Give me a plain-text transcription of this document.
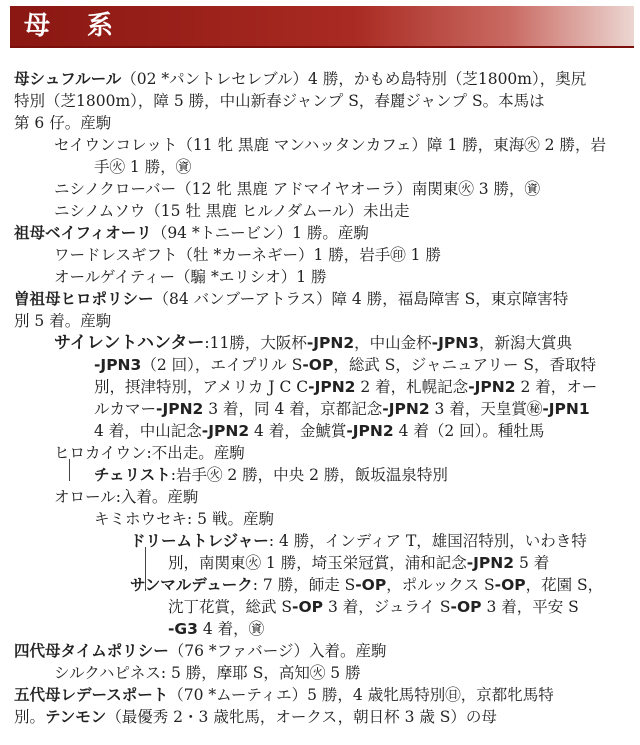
母 系
母シュフルール（02 *パントレセレブル）4 勝，かもめ島特別（芝1800m），奥尻
特別（芝1800m），障 5 勝，中山新春ジャンプ S，春麗ジャンプ S。本馬は
第 6 仔。産駒
セイウンコレット（11 牝 黒鹿 マンハッタンカフェ）障 1 勝，東海㊋ 2 勝，岩
手㊋ 1 勝，㊮
ニシノクローバー（12 牝 黒鹿 アドマイヤオーラ）南関東㊋ 3 勝，㊮
ニシノムソウ（15 牡 黒鹿 ヒルノダムール）未出走
祖母ベイフィオーリ（94 *トニービン）1 勝。産駒
ワードレスギフト（牡 *カーネギー）1 勝，岩手㊞ 1 勝
オールゲイティー（騸 *エリシオ）1 勝
曽祖母ヒロポリシー（84 バンブーアトラス）障 4 勝，福島障害 S，東京障害特
別 5 着。産駒
サイレントハンター:11勝，大阪杯-JPN2，中山金杯-JPN3，新潟大賞典
-JPN3（2 回），エイプリル S-OP，総武 S，ジャニュアリー S，香取特
別，摂津特別，アメリカ J C C-JPN2 2 着，札幌記念-JPN2 2 着，オー
ルカマー-JPN2 3 着，同 4 着，京都記念-JPN2 3 着，天皇賞㊙-JPN1
4 着，中山記念-JPN2 4 着，金鯱賞-JPN2 4 着（2 回）。種牡馬
ヒロカイウン:不出走。産駒
チェリスト:岩手㊋ 2 勝，中央 2 勝，飯坂温泉特別
オロール:入着。産駒
キミホウセキ: 5 戦。産駒
ドリームトレジャー: 4 勝，インディア T，雄国沼特別，いわき特
別，南関東㊋ 1 勝，埼玉栄冠賞，浦和記念-JPN2 5 着
サンマルデューク: 7 勝，師走 S-OP，ポルックス S-OP，花園 S，
沈丁花賞，総武 S-OP 3 着，ジュライ S-OP 3 着，平安 S
-G3 4 着，㊮
四代母タイムポリシー（76 *ファバージ）入着。産駒
シルクハピネス: 5 勝，摩耶 S，高知㊋ 5 勝
五代母レデースポート（70 *ムーティエ）5 勝，4 歳牝馬特別㊐，京都牝馬特
別。テンモン（最優秀 2・3 歳牝馬，オークス，朝日杯 3 歳 S）の母
